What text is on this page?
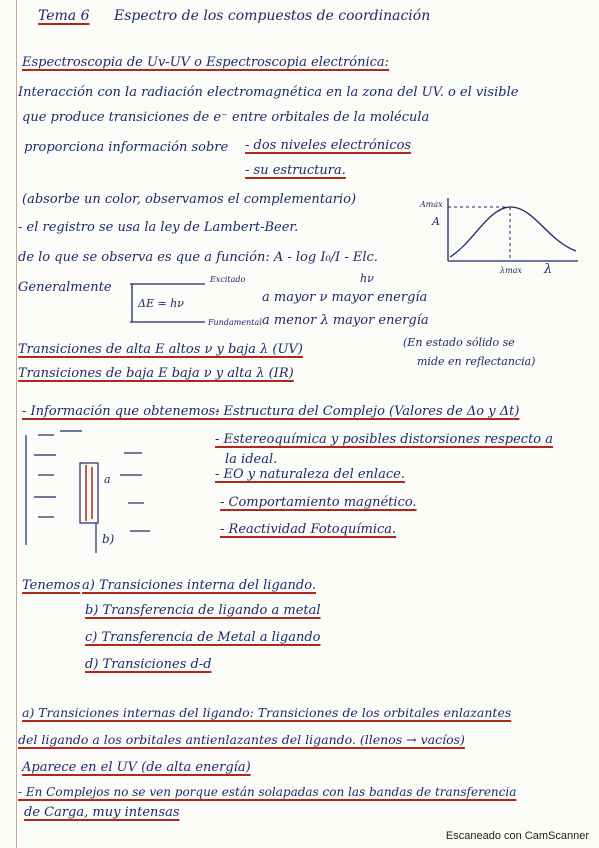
Tema 6 Espectro de los compuestos de coordinación
Espectroscopia de Uv-UV o Espectroscopia electrónica:
Interacción con la radiación electromagnética en la zona del UV. o el visible
que produce transiciones de e⁻ entre orbitales de la molécula
proporciona información sobre - dos niveles electrónicos
- su estructura.
(absorbe un color, observamos el complementario)
- el registro se usa la ley de Lambert-Beer.
de lo que se observa es que a función: A - log I₀/I - Elc.
Amax
A
λmax λ
Generalmente
Excitado
Fundamental
ΔE = hν
hν
a mayor ν mayor energía
a menor λ mayor energía
Transiciones de alta E altos ν y baja λ (UV)
Transiciones de baja E baja ν y alta λ (IR)
(En estado sólido se
mide en reflectancia)
- Información que obtenemos:
- Estructura del Complejo (Valores de Δo y Δt)
- Estereoquímica y posibles distorsiones respecto a
la ideal.
- EO y naturaleza del enlace.
- Comportamiento magnético.
- Reactividad Fotoquímica.
a
b)
Tenemos a) Transiciones interna del ligando.
b) Transferencia de ligando a metal
c) Transferencia de Metal a ligando
d) Transiciones d-d
a) Transiciones internas del ligando: Transiciones de los orbitales enlazantes
del ligando a los orbitales antienlazantes del ligando. (llenos → vacíos)
Aparece en el UV (de alta energía)
- En Complejos no se ven porque están solapadas con las bandas de transferencia
de Carga, muy intensas
Escaneado con CamScanner
